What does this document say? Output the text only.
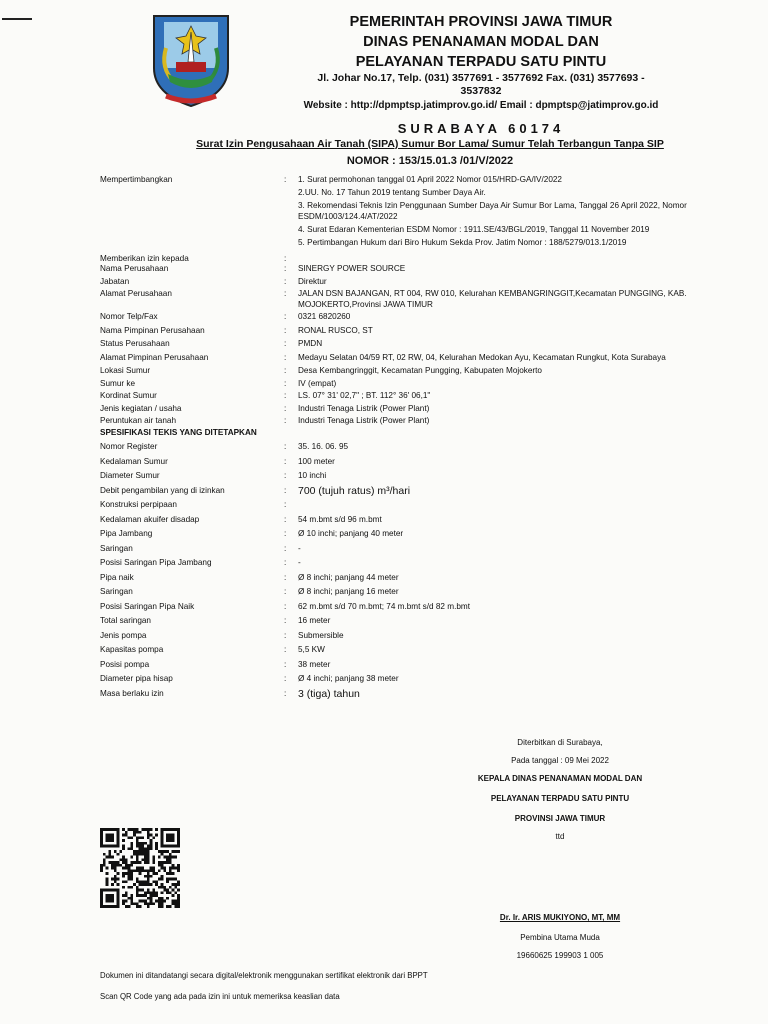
PEMERINTAH PROVINSI JAWA TIMUR
DINAS PENANAMAN MODAL DAN
PELAYANAN TERPADU SATU PINTU
Jl. Johar No.17, Telp. (031) 3577691 - 3577692 Fax. (031) 3577693 - 3537832
Website : http://dpmptsp.jatimprov.go.id/ Email : dpmptsp@jatimprov.go.id
SURABAYA 60174
Surat Izin Pengusahaan Air Tanah (SIPA) Sumur Bor Lama/ Sumur Telah Terbangun Tanpa SIP
NOMOR : 153/15.01.3 /01/V/2022
Mempertimbangkan	:	1. Surat permohonan tanggal 01 April 2022 Nomor 015/HRD-GA/IV/2022
2.UU. No. 17 Tahun 2019 tentang Sumber Daya Air.
3. Rekomendasi Teknis Izin Penggunaan Sumber Daya Air Sumur Bor Lama, Tanggal 26 April 2022, Nomor ESDM/1003/124.4/AT/2022
4. Surat Edaran Kementerian ESDM Nomor : 1911.SE/43/BGL/2019, Tanggal 11 November 2019
5. Pertimbangan Hukum dari Biro Hukum Sekda Prov. Jatim Nomor : 188/5279/013.1/2019
Memberikan izin kepada	:
Nama Perusahaan	:	SINERGY POWER SOURCE
Jabatan	:	Direktur
Alamat Perusahaan	:	JALAN DSN BAJANGAN, RT 004, RW 010, Kelurahan KEMBANGRINGGIT,Kecamatan PUNGGING, KAB. MOJOKERTO,Provinsi JAWA TIMUR
Nomor Telp/Fax	:	0321 6820260
Nama Pimpinan Perusahaan	:	RONAL RUSCO, ST
Status Perusahaan	:	PMDN
Alamat Pimpinan Perusahaan	:	Medayu Selatan 04/59 RT, 02 RW, 04, Kelurahan Medokan Ayu, Kecamatan Rungkut, Kota Surabaya
Lokasi Sumur	:	Desa Kembangringgit, Kecamatan Pungging, Kabupaten Mojokerto
Sumur ke	:	IV (empat)
Kordinat Sumur	:	LS. 07° 31' 02,7" ; BT. 112° 36' 06,1"
Jenis kegiatan / usaha	:	Industri Tenaga Listrik (Power Plant)
Peruntukan air tanah	:	Industri Tenaga Listrik (Power Plant)
SPESIFIKASI TEKIS YANG DITETAPKAN
Nomor Register	:	35. 16. 06. 95
Kedalaman Sumur	:	100 meter
Diameter Sumur	:	10 inchi
Debit pengambilan yang di izinkan	:	700 (tujuh ratus) m³/hari
Konstruksi perpipaan	:
Kedalaman akuifer disadap	:	54 m.bmt s/d 96 m.bmt
Pipa Jambang	:	Ø 10 inchi; panjang 40 meter
Saringan	:	-
Posisi Saringan Pipa Jambang	:	-
Pipa naik	:	Ø 8 inchi; panjang 44 meter
Saringan	:	Ø 8 inchi; panjang 16 meter
Posisi Saringan Pipa Naik	:	62 m.bmt s/d 70 m.bmt; 74 m.bmt s/d 82 m.bmt
Total saringan	:	16 meter
Jenis pompa	:	Submersible
Kapasitas pompa	:	5,5 KW
Posisi pompa	:	38 meter
Diameter pipa hisap	:	Ø 4 inchi; panjang 38 meter
Masa berlaku izin	:	3 (tiga) tahun
Diterbitkan di Surabaya,
Pada tanggal : 09 Mei 2022
KEPALA DINAS PENANAMAN MODAL DAN
PELAYANAN TERPADU SATU PINTU
PROVINSI JAWA TIMUR
ttd
Dr. Ir. ARIS MUKIYONO, MT, MM
Pembina Utama Muda
19660625 199903 1 005
Dokumen ini ditandatangi secara digital/elektronik menggunakan sertifikat elektronik dari BPPT
Scan QR Code yang ada pada izin ini untuk memeriksa keaslian data
